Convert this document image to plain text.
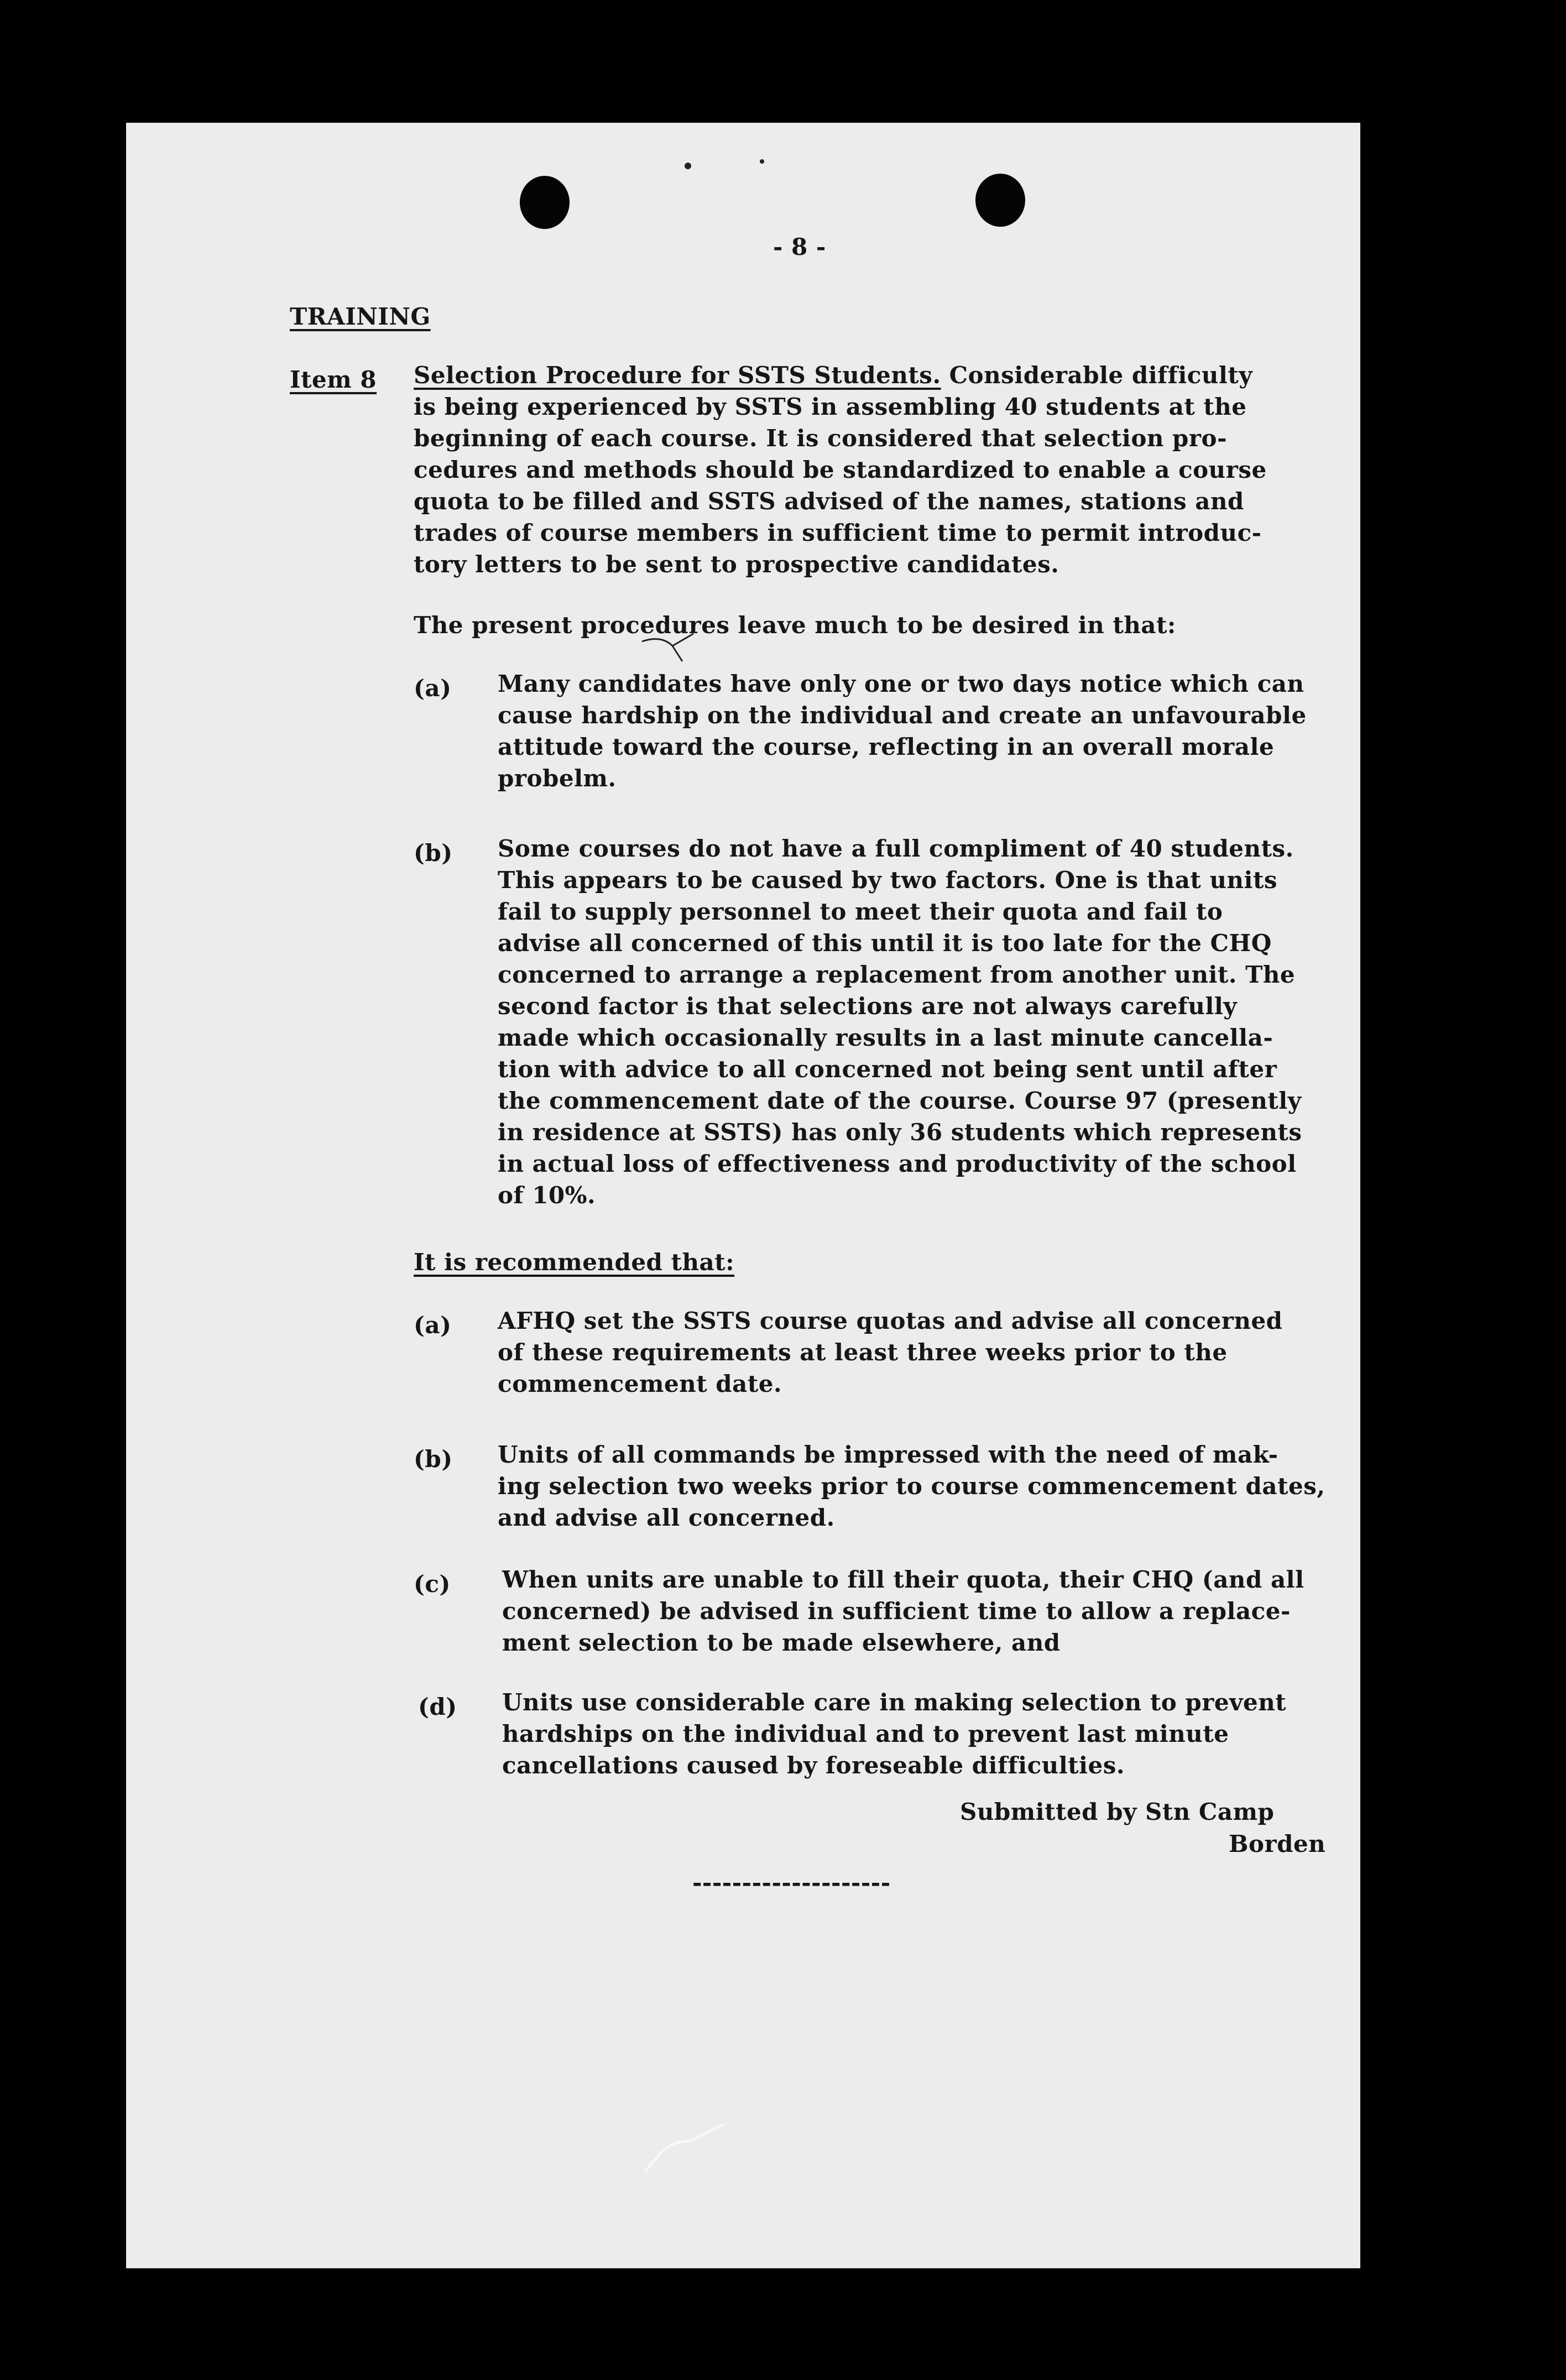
- 8 -
TRAINING
Item 8 Selection Procedure for SSTS Students. Considerable difficulty
is being experienced by SSTS in assembling 40 students at the
beginning of each course. It is considered that selection pro-
cedures and methods should be standardized to enable a course
quota to be filled and SSTS advised of the names, stations and
trades of course members in sufficient time to permit introduc-
tory letters to be sent to prospective candidates.
The present procedures leave much to be desired in that:
(a) Many candidates have only one or two days notice which can
cause hardship on the individual and create an unfavourable
attitude toward the course, reflecting in an overall morale
probelm.
(b) Some courses do not have a full compliment of 40 students.
This appears to be caused by two factors. One is that units
fail to supply personnel to meet their quota and fail to
advise all concerned of this until it is too late for the CHQ
concerned to arrange a replacement from another unit. The
second factor is that selections are not always carefully
made which occasionally results in a last minute cancella-
tion with advice to all concerned not being sent until after
the commencement date of the course. Course 97 (presently
in residence at SSTS) has only 36 students which represents
in actual loss of effectiveness and productivity of the school
of 10%.
It is recommended that:
(a) AFHQ set the SSTS course quotas and advise all concerned
of these requirements at least three weeks prior to the
commencement date.
(b) Units of all commands be impressed with the need of mak-
ing selection two weeks prior to course commencement dates,
and advise all concerned.
(c) When units are unable to fill their quota, their CHQ (and all
concerned) be advised in sufficient time to allow a replace-
ment selection to be made elsewhere, and
(d) Units use considerable care in making selection to prevent
hardships on the individual and to prevent last minute
cancellations caused by foreseable difficulties.
Submitted by Stn Camp
Borden
--------------------
